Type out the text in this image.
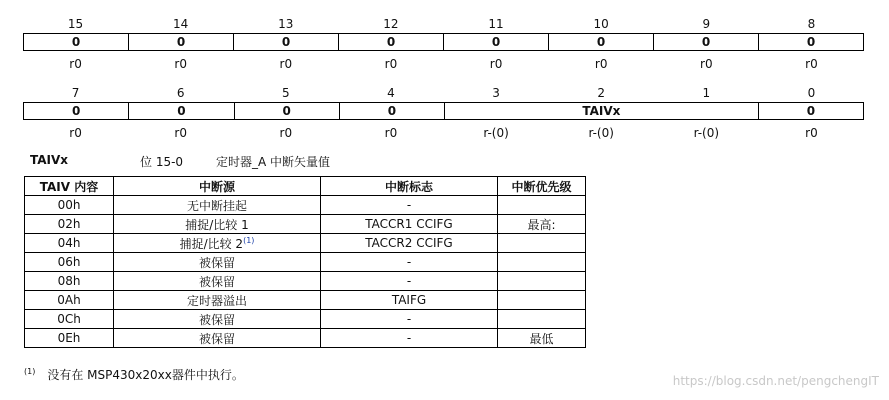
15	14	13	12	11	10	9	8
0	0	0	0	0	0	0	0
r0	r0	r0	r0	r0	r0	r0	r0
7	6	5	4	3	2	1	0
0	0	0	0	TAIVx	0
r0	r0	r0	r0	r-(0)	r-(0)	r-(0)	r0
TAIVx	位 15-0	定时器_A 中断矢量值
TAIV 内容	中断源	中断标志	中断优先级
00h	无中断挂起	-	
02h	捕捉/比较 1	TACCR1 CCIFG	最高:
04h	捕捉/比较 2$^{(1)}$	TACCR2 CCIFG	
06h	被保留	-	
08h	被保留	-	
0Ah	定时器溢出	TAIFG	
0Ch	被保留	-	
0Eh	被保留	-	最低
$^{(1)}$ 没有在 MSP430x20xx器件中执行。	https://blog.csdn.net/pengchengIT
